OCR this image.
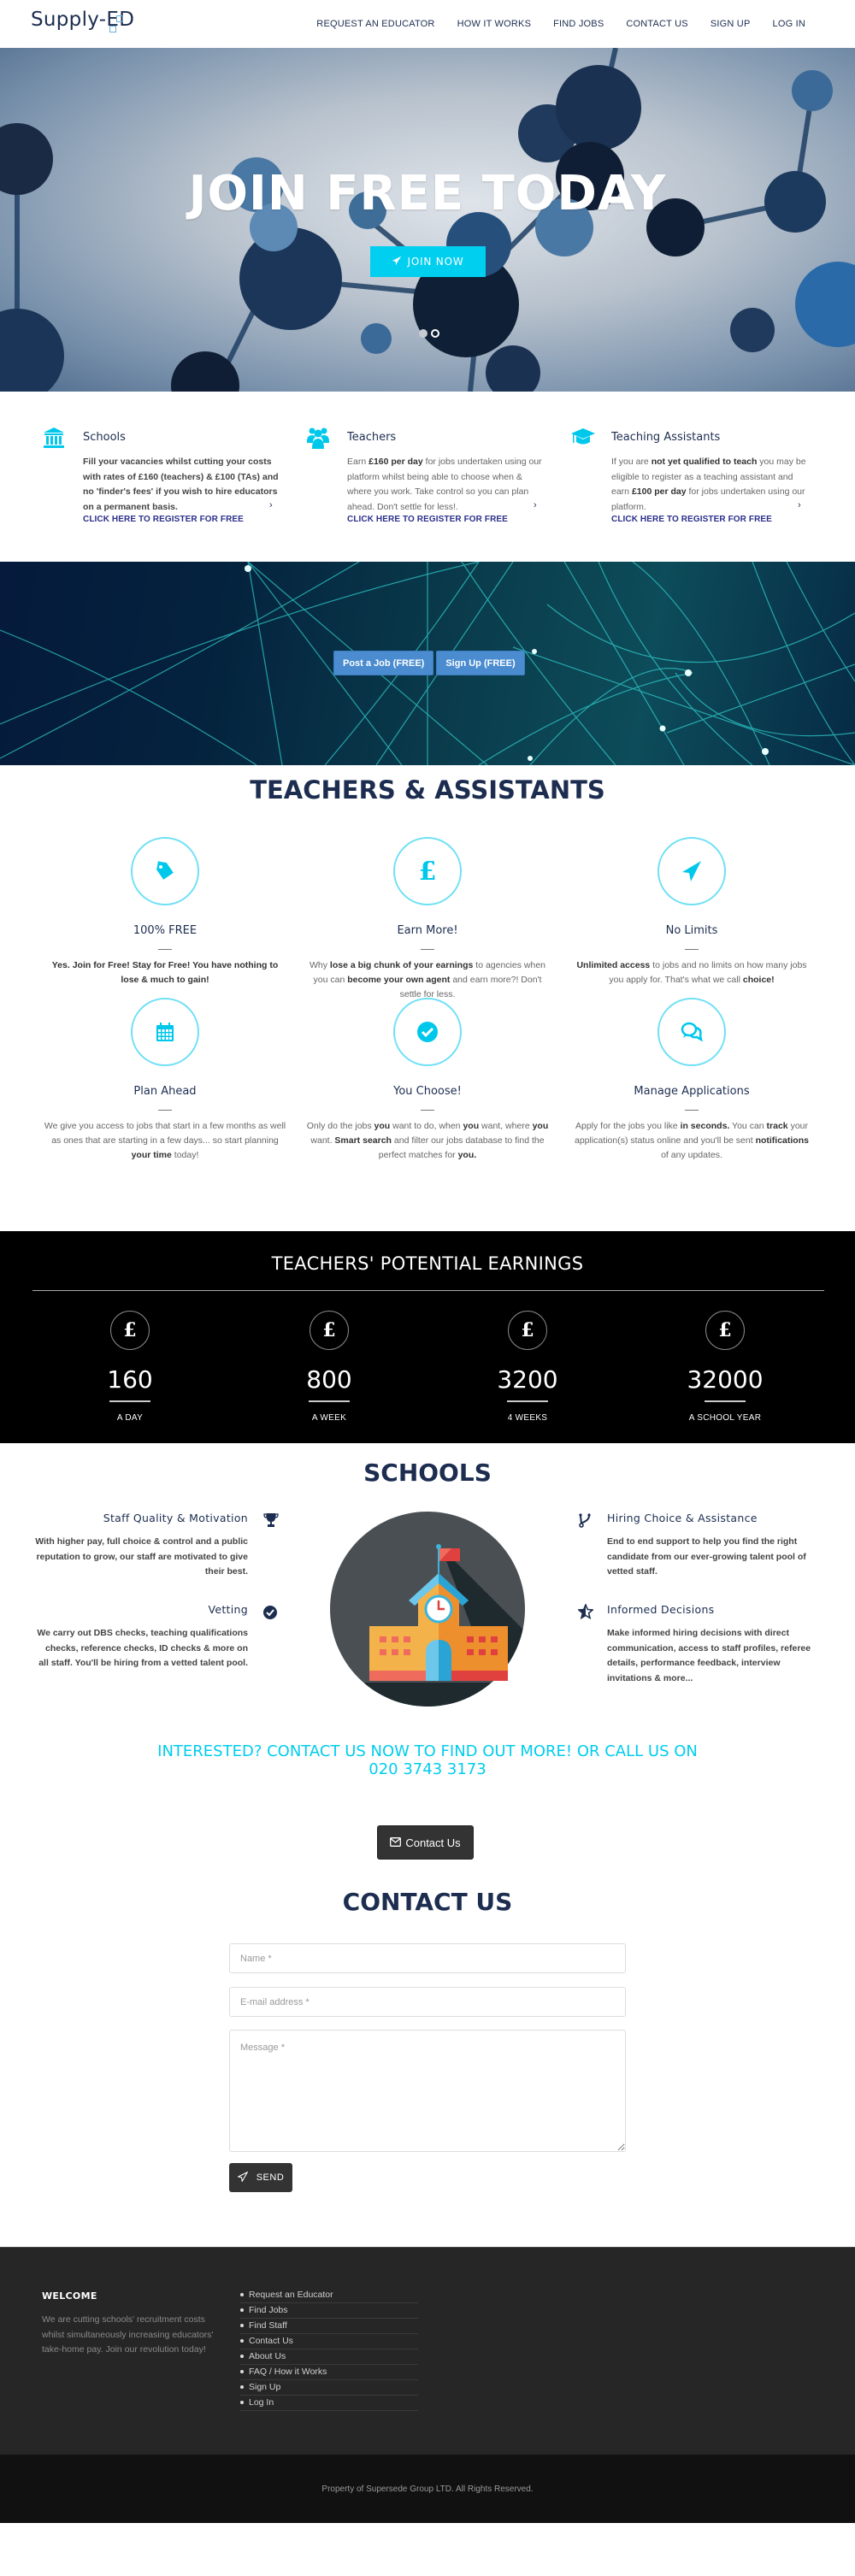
Supply-ED	REQUEST AN EDUCATOR HOW IT WORKS FIND JOBS CONTACT US SIGN UP LOG IN
JOIN FREE TODAY
JOIN NOW
Schools

Fill your vacancies whilst cutting your costs with rates of £160 (teachers) & £100 (TAs) and no 'finder's fees' if you wish to hire educators on a permanent basis.	›
CLICK HERE TO REGISTER FOR FREE
Teachers

Earn £160 per day for jobs undertaken using our platform whilst being able to choose when & where you work. Take control so you can plan ahead. Don't settle for less!.	›
CLICK HERE TO REGISTER FOR FREE
Teaching Assistants

If you are not yet qualified to teach you may be eligible to register as a teaching assistant and earn £100 per day for jobs undertaken using our platform.	›
CLICK HERE TO REGISTER FOR FREE
Post a Job (FREE)	Sign Up (FREE)
TEACHERS & ASSISTANTS
100% FREE

Yes. Join for Free! Stay for Free! You have nothing to lose & much to gain!

£
Earn More!

Why lose a big chunk of your earnings to agencies when you can become your own agent and earn more?! Don't settle for less.

No Limits

Unlimited access to jobs and no limits on how many jobs you apply for. That's what we call choice!

Plan Ahead

We give you access to jobs that start in a few months as well as ones that are starting in a few days... so start planning your time today!

You Choose!

Only do the jobs you want to do, when you want, where you want. Smart search and filter our jobs database to find the perfect matches for you.

Manage Applications

Apply for the jobs you like in seconds. You can track your application(s) status online and you'll be sent notifications of any updates.

TEACHERS' POTENTIAL EARNINGS
£
160
A DAY
£
800
A WEEK
£
3200
4 WEEKS
£
32000
A SCHOOL YEAR
SCHOOLS
Staff Quality & Motivation

With higher pay, full choice & control and a public reputation to grow, our staff are motivated to give their best.

Vetting

We carry out DBS checks, teaching qualifications checks, reference checks, ID checks & more on all staff. You'll be hiring from a vetted talent pool.

Hiring Choice & Assistance

End to end support to help you find the right candidate from our ever-growing talent pool of vetted staff.

Informed Decisions

Make informed hiring decisions with direct communication, access to staff profiles, referee details, performance feedback, interview invitations & more...

INTERESTED? CONTACT US NOW TO FIND OUT MORE! OR CALL US ON
020 3743 3173
Contact Us
CONTACT US
Name *
E-mail address *
Message *
SEND
WELCOME

We are cutting schools' recruitment costs whilst simultaneously increasing educators' take-home pay. Join our revolution today!

Request an Educator
Find Jobs
Find Staff
Contact Us
About Us
FAQ / How it Works
Sign Up
Log In
Property of Supersede Group LTD. All Rights Reserved.
